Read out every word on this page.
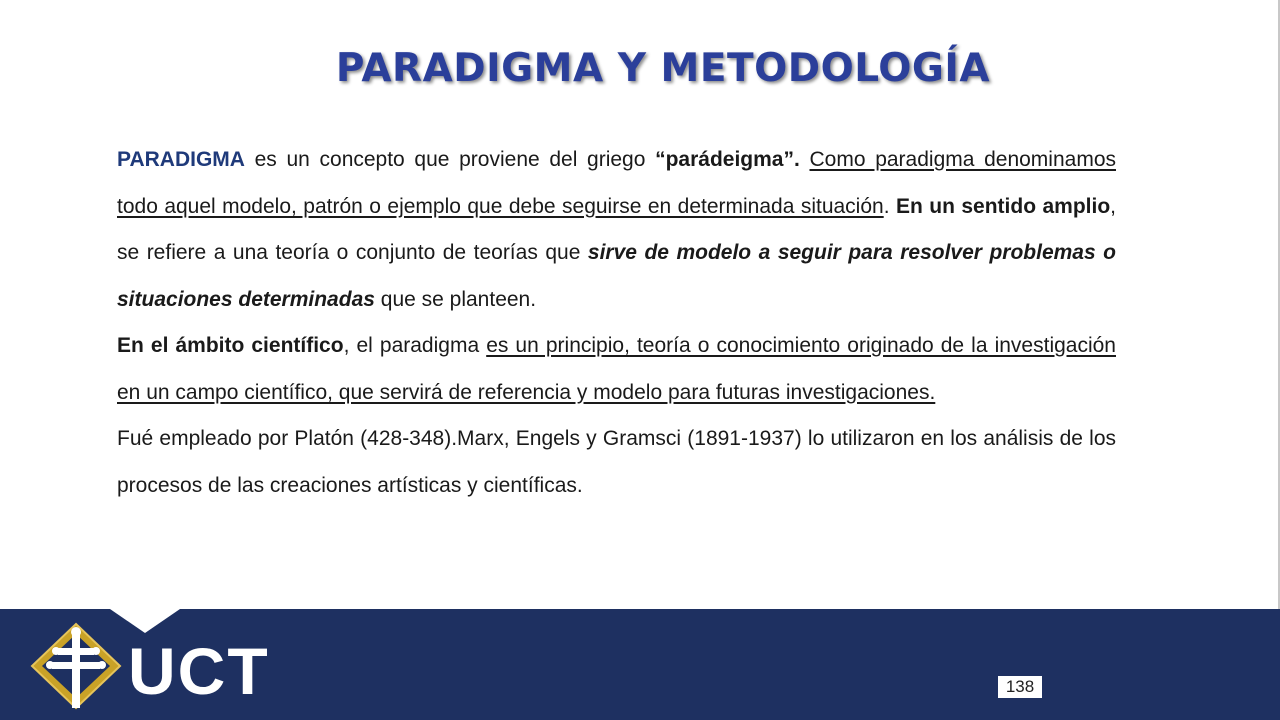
PARADIGMA Y METODOLOGÍA

PARADIGMA es un concepto que proviene del griego “parádeigma”. Como paradigma denominamos todo aquel modelo, patrón o ejemplo que debe seguirse en determinada situación. En un sentido amplio, se refiere a una teoría o conjunto de teorías que sirve de modelo a seguir para resolver problemas o situaciones determinadas que se planteen.

En el ámbito científico, el paradigma es un principio, teoría o conocimiento originado de la investigación en un campo científico, que servirá de referencia y modelo para futuras investigaciones.

Fué empleado por Platón (428-348).Marx, Engels y Gramsci (1891-1937) lo utilizaron en los análisis de los procesos de las creaciones artísticas y científicas.

UCT	138
